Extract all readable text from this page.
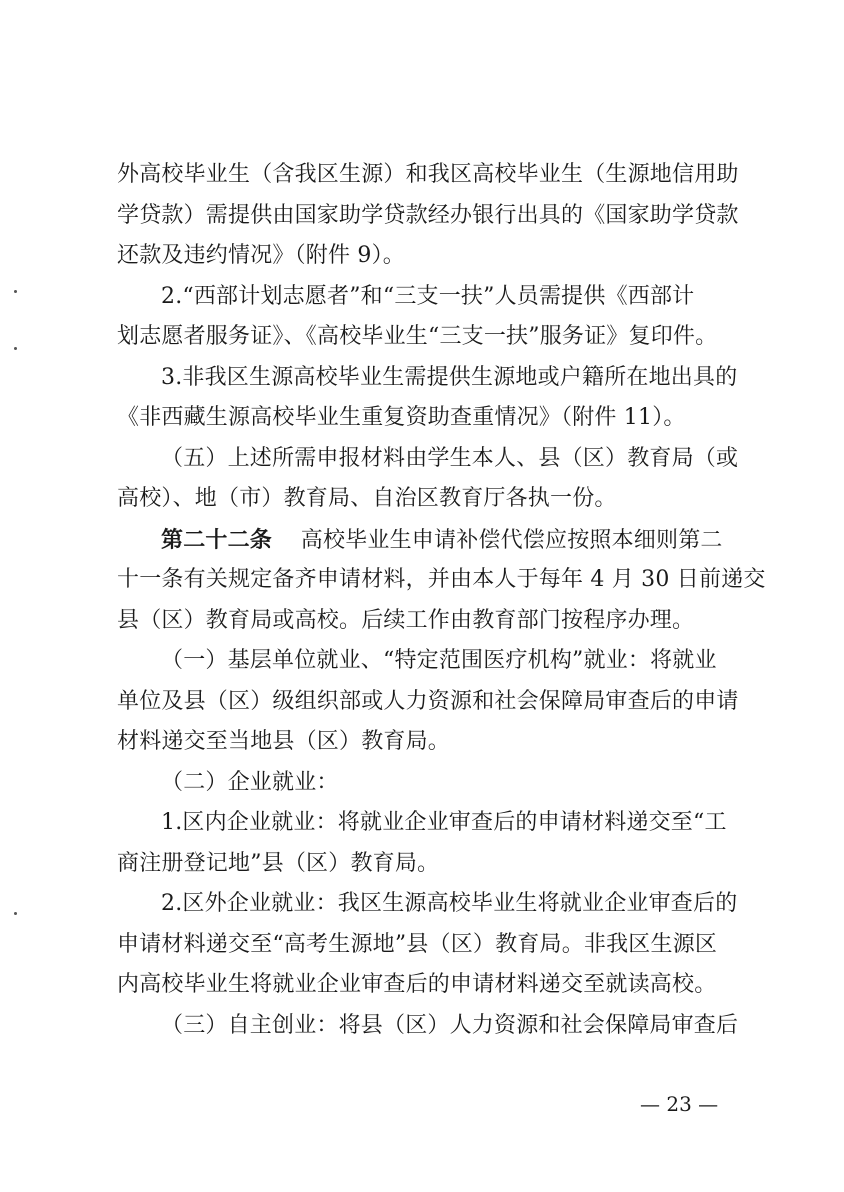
外高校毕业生（含我区生源）和我区高校毕业生（生源地信用助
学贷款）需提供由国家助学贷款经办银行出具的《国家助学贷款
还款及违约情况》（附件 9）。
2.“西部计划志愿者”和“三支一扶”人员需提供《西部计
划志愿者服务证》、《高校毕业生“三支一扶”服务证》复印件。
3.非我区生源高校毕业生需提供生源地或户籍所在地出具的
《非西藏生源高校毕业生重复资助查重情况》（附件 11）。
（五）上述所需申报材料由学生本人、县（区）教育局（或
高校）、地（市）教育局、自治区教育厅各执一份。
第二十二条 高校毕业生申请补偿代偿应按照本细则第二
十一条有关规定备齐申请材料，并由本人于每年 4 月 30 日前递交
县（区）教育局或高校。后续工作由教育部门按程序办理。
（一）基层单位就业、“特定范围医疗机构”就业：将就业
单位及县（区）级组织部或人力资源和社会保障局审查后的申请
材料递交至当地县（区）教育局。
（二）企业就业：
1.区内企业就业：将就业企业审查后的申请材料递交至“工
商注册登记地”县（区）教育局。
2.区外企业就业：我区生源高校毕业生将就业企业审查后的
申请材料递交至“高考生源地”县（区）教育局。非我区生源区
内高校毕业生将就业企业审查后的申请材料递交至就读高校。
（三）自主创业：将县（区）人力资源和社会保障局审查后
— 23 —
